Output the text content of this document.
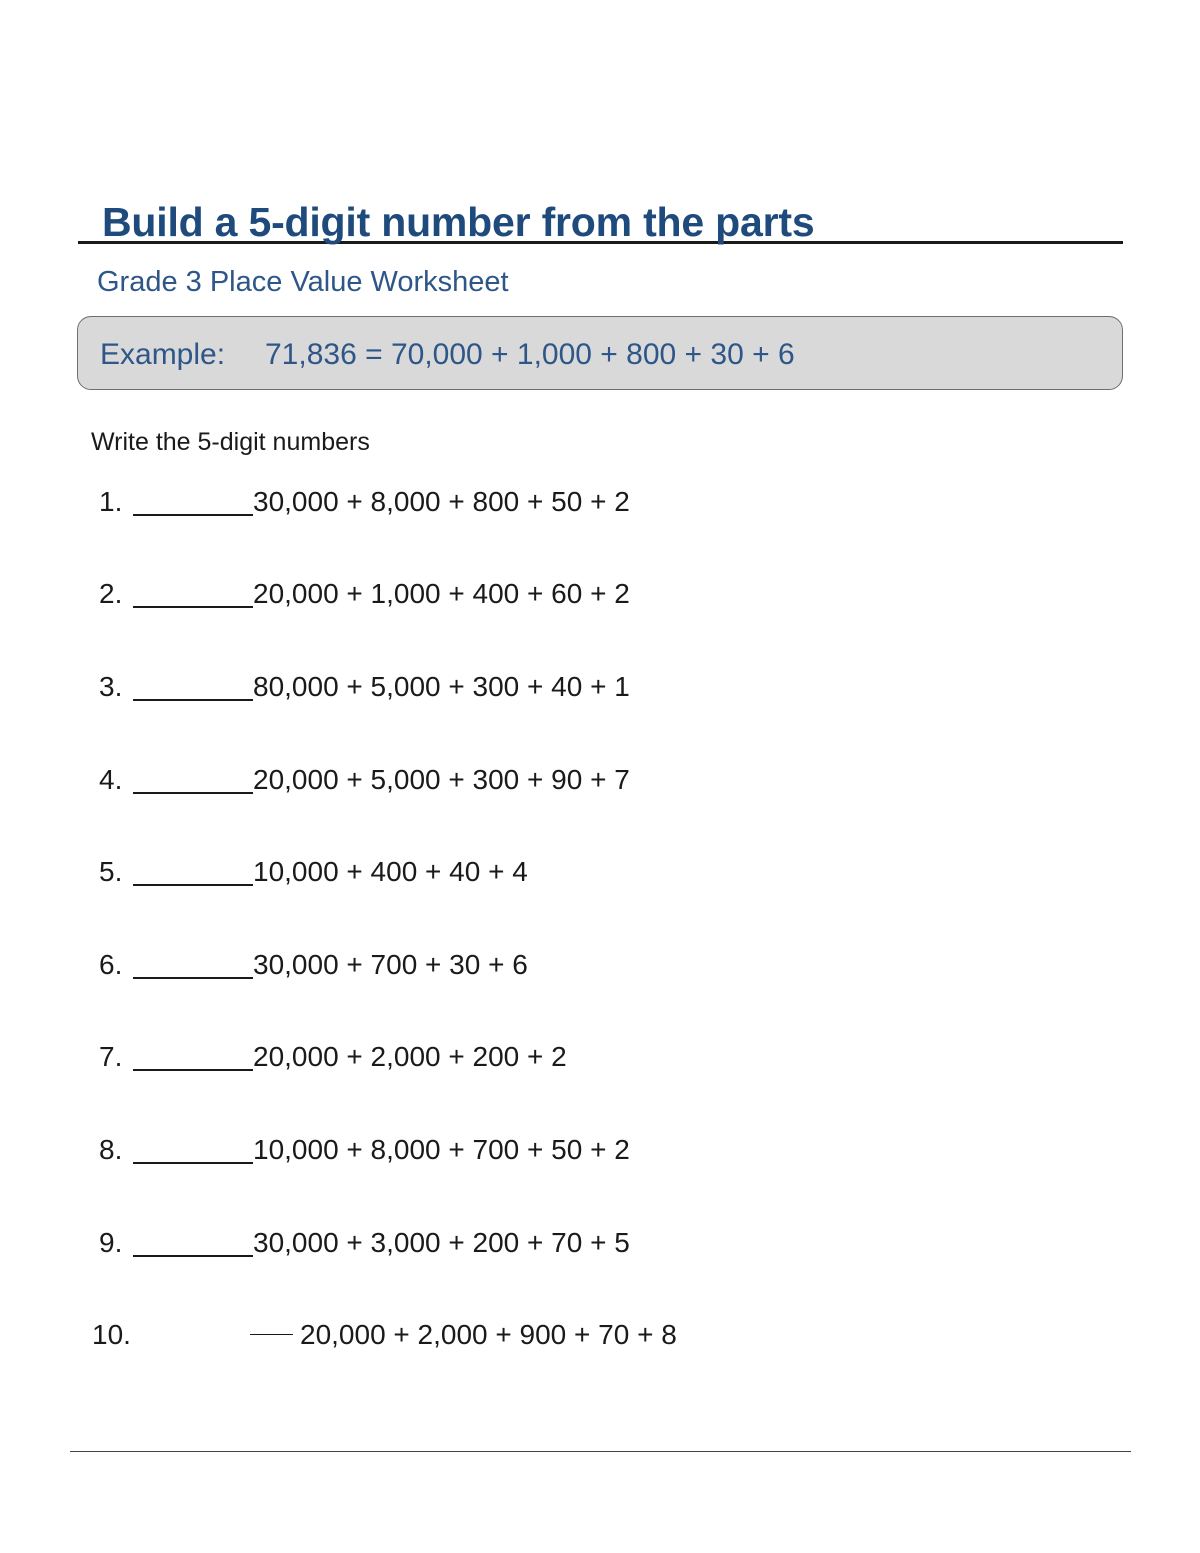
Build a 5-digit number from the parts
Grade 3 Place Value Worksheet
Example: 71,836 = 70,000 + 1,000 + 800 + 30 + 6
Write the 5-digit numbers
1.	30,000 + 8,000 + 800 + 50 + 2
2.	20,000 + 1,000 + 400 + 60 + 2
3.	80,000 + 5,000 + 300 + 40 + 1
4.	20,000 + 5,000 + 300 + 90 + 7
5.	10,000 + 400 + 40 + 4
6.	30,000 + 700 + 30 + 6
7.	20,000 + 2,000 + 200 + 2
8.	10,000 + 8,000 + 700 + 50 + 2
9.	30,000 + 3,000 + 200 + 70 + 5
10.	20,000 + 2,000 + 900 + 70 + 8
